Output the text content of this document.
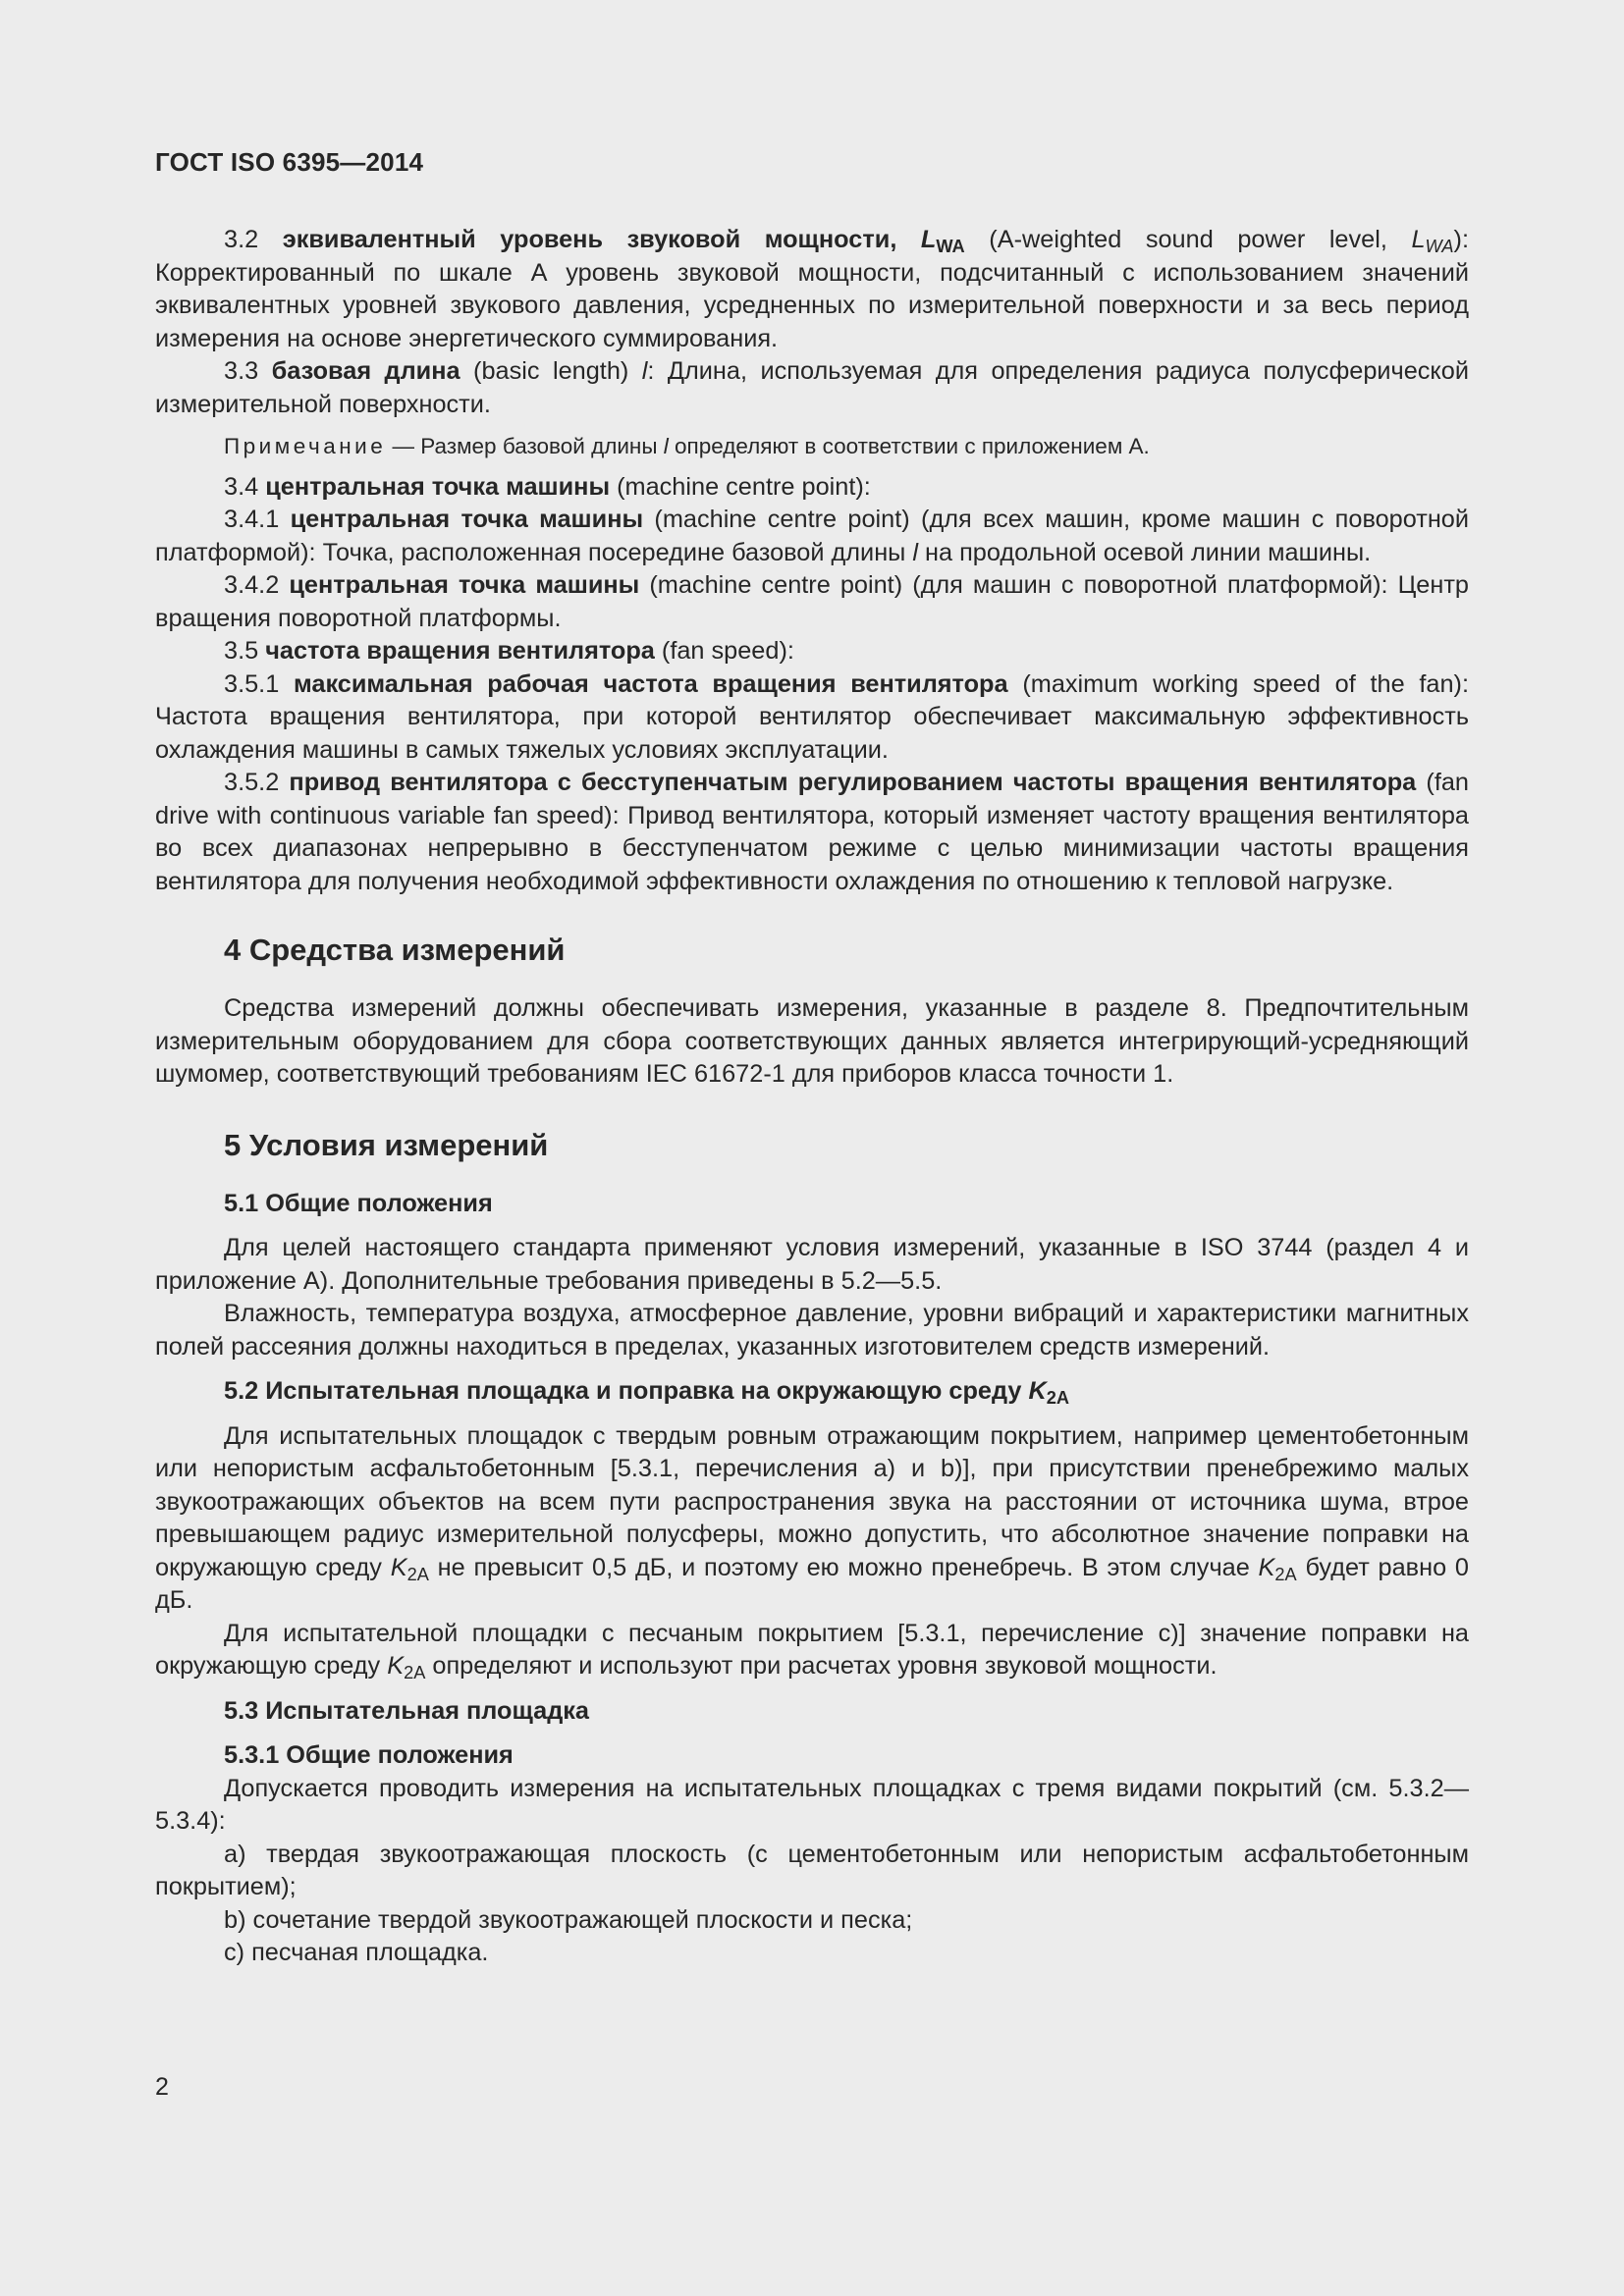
ГОСТ ISO 6395—2014

3.2 эквивалентный уровень звуковой мощности, $L_{WA}$ (A-weighted sound power level, $L_{WA}$): Корректированный по шкале А уровень звуковой мощности, подсчитанный с использованием значений эквивалентных уровней звукового давления, усредненных по измерительной поверхности и за весь период измерения на основе энергетического суммирования.

3.3 базовая длина (basic length) l: Длина, используемая для определения радиуса полусферической измерительной поверхности.

Примечание — Размер базовой длины l определяют в соответствии с приложением А.

3.4 центральная точка машины (machine centre point):

3.4.1 центральная точка машины (machine centre point) (для всех машин, кроме машин с поворотной платформой): Точка, расположенная посередине базовой длины l на продольной осевой линии машины.

3.4.2 центральная точка машины (machine centre point) (для машин с поворотной платформой): Центр вращения поворотной платформы.

3.5 частота вращения вентилятора (fan speed):

3.5.1 максимальная рабочая частота вращения вентилятора (maximum working speed of the fan): Частота вращения вентилятора, при которой вентилятор обеспечивает максимальную эффективность охлаждения машины в самых тяжелых условиях эксплуатации.

3.5.2 привод вентилятора с бесступенчатым регулированием частоты вращения вентилятора (fan drive with continuous variable fan speed): Привод вентилятора, который изменяет частоту вращения вентилятора во всех диапазонах непрерывно в бесступенчатом режиме с целью минимизации частоты вращения вентилятора для получения необходимой эффективности охлаждения по отношению к тепловой нагрузке.

4 Средства измерений

Средства измерений должны обеспечивать измерения, указанные в разделе 8. Предпочтительным измерительным оборудованием для сбора соответствующих данных является интегрирующий-усредняющий шумомер, соответствующий требованиям IEC 61672-1 для приборов класса точности 1.

5 Условия измерений

5.1 Общие положения

Для целей настоящего стандарта применяют условия измерений, указанные в ISO 3744 (раздел 4 и приложение А). Дополнительные требования приведены в 5.2—5.5.

Влажность, температура воздуха, атмосферное давление, уровни вибраций и характеристики магнитных полей рассеяния должны находиться в пределах, указанных изготовителем средств измерений.

5.2 Испытательная площадка и поправка на окружающую среду $K_{2A}$

Для испытательных площадок с твердым ровным отражающим покрытием, например цементобетонным или непористым асфальтобетонным [5.3.1, перечисления а) и b)], при присутствии пренебрежимо малых звукоотражающих объектов на всем пути распространения звука на расстоянии от источника шума, втрое превышающем радиус измерительной полусферы, можно допустить, что абсолютное значение поправки на окружающую среду $K_{2A}$ не превысит 0,5 дБ, и поэтому ею можно пренебречь. В этом случае $K_{2A}$ будет равно 0 дБ.

Для испытательной площадки с песчаным покрытием [5.3.1, перечисление с)] значение поправки на окружающую среду $K_{2A}$ определяют и используют при расчетах уровня звуковой мощности.

5.3 Испытательная площадка

5.3.1 Общие положения

Допускается проводить измерения на испытательных площадках с тремя видами покрытий (см. 5.3.2—5.3.4):

а) твердая звукоотражающая плоскость (с цементобетонным или непористым асфальтобетонным покрытием);

b) сочетание твердой звукоотражающей плоскости и песка;

с) песчаная площадка.

2
